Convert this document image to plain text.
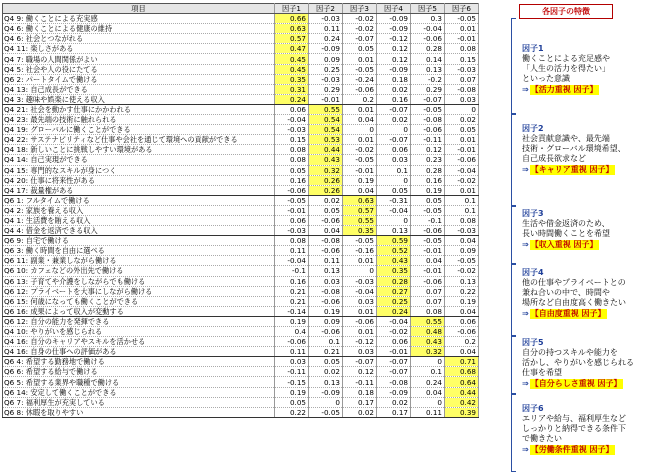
項目	因子1	因子2	因子3	因子4	因子5	因子6
Q4 9: 働くことによる充実感	0.66	-0.03	-0.02	-0.09	0.3	-0.05
Q4 6: 働くことによる健康の維持	0.63	0.11	-0.02	-0.09	-0.04	0.01
Q4 6: 社会とつながれる	0.57	0.24	-0.07	-0.12	-0.06	-0.01
Q4 11: 楽しさがある	0.47	-0.09	0.05	0.12	0.28	0.08
Q4 7: 職場の人間関係がよい	0.45	0.09	0.01	0.12	0.14	0.15
Q4 5: 社会や人の役にたてる	0.45	0.25	-0.05	-0.09	0.13	-0.03
Q6 2: パートタイムで働ける	0.35	-0.03	-0.24	0.18	-0.2	0.07
Q4 13: 自己成長ができる	0.31	0.29	-0.06	0.02	0.29	-0.08
Q4 3: 趣味や娯楽に使える収入	0.24	-0.01	0.2	0.16	-0.07	0.03
Q4 21: 社会を動かす仕事にかかわれる	0.06	0.55	0.01	-0.07	-0.05	0
Q4 23: 最先端の技術に触れられる	-0.04	0.54	0.04	0.02	-0.08	0.02
Q4 19: グローバルに働くことができる	-0.03	0.54	0	0	-0.06	0.05
Q4 22: サステナビリティなど仕事や会社を通じて環境への貢献ができる	0.15	0.53	0.01	-0.07	-0.11	0.01
Q4 18: 新しいことに挑戦しやすい環境がある	0.08	0.44	-0.02	0.06	0.12	-0.01
Q4 14: 自己実現ができる	0.08	0.43	-0.05	0.03	0.23	-0.06
Q4 15: 専門的なスキルが身につく	0.05	0.32	-0.01	0.1	0.28	-0.04
Q4 20: 仕事に将来性がある	0.16	0.26	0.19	0	0.16	-0.02
Q4 17: 裁量権がある	-0.06	0.26	0.04	0.05	0.19	0.01
Q6 1: フルタイムで働ける	-0.05	0.02	0.63	-0.31	0.05	0.1
Q4 2: 家族を養える収入	-0.01	0.05	0.57	-0.04	-0.05	0.1
Q4 1: 生活費を賄える収入	0.06	-0.06	0.55	0	-0.1	0.08
Q4 4: 借金を返済できる収入	-0.03	0.04	0.35	0.13	-0.06	-0.03
Q6 9: 自宅で働ける	0.08	-0.08	-0.05	0.59	-0.05	0.04
Q6 3: 働く時間を自由に選べる	0.11	-0.06	-0.16	0.52	-0.01	0.09
Q6 11: 副業・兼業しながら働ける	-0.04	0.11	0.01	0.43	0.04	-0.05
Q6 10: カフェなどの外出先で働ける	-0.1	0.13	0	0.35	-0.01	-0.02
Q6 13: 子育てや介護をしながらでも働ける	0.16	0.03	-0.03	0.28	-0.06	0.13
Q6 12: プライベートを大事にしながら働ける	0.21	-0.08	-0.04	0.27	0.07	0.22
Q6 15: 何歳になっても働くことができる	0.21	-0.06	0.03	0.25	0.07	0.19
Q6 16: 成果によって収入が変動する	-0.14	0.19	0.01	0.24	0.08	0.04
Q6 12: 自分の能力を発揮できる	0.19	0.09	-0.06	-0.04	0.55	0.06
Q4 10: やりがいを感じられる	0.4	-0.06	0.01	-0.02	0.48	-0.06
Q4 16: 自分のキャリアやスキルを活かせる	-0.06	0.1	-0.12	0.06	0.43	0.2
Q4 16: 自身の仕事への評価がある	0.11	0.21	0.03	-0.01	0.32	0.04
Q6 4: 希望する勤務地で働ける	0.03	0.05	-0.07	-0.07	0	0.71
Q6 6: 希望する給与で働ける	-0.11	0.02	0.12	-0.07	0.1	0.68
Q6 5: 希望する業界や職種で働ける	-0.15	0.13	-0.11	-0.08	0.24	0.64
Q6 14: 安定して働くことができる	0.19	-0.09	0.18	-0.09	0.04	0.44
Q6 7: 福利厚生が充実している	0.05	0	0.17	0.02	0	0.42
Q6 8: 休暇を取りやすい	0.22	-0.05	0.02	0.17	0.11	0.39
各因子の特徴
因子1
働くことによる充足感や
「人生の活力を得たい」
といった意識
⇒ 【活力重視 因子】
因子2
社会貢献意識や、最先端
技術・グローバル環境希望、
自己成長欲求など
⇒ 【キャリア重視 因子】
因子3
生活や借金返済のため、
長い時間働くことを希望
⇒ 【収入重視 因子】
因子4
他の仕事やプライベートとの
兼ね合いの中で、時間や
場所など自由度高く働きたい
⇒ 【自由度重視 因子】
因子5
自分の持つスキルや能力を
活かし、やりがいを感じられる
仕事を希望
⇒ 【自分らしさ重視 因子】
因子6
エリアや給与、福利厚生など
しっかりと納得できる条件下
で働きたい
⇒ 【労働条件重視 因子】
